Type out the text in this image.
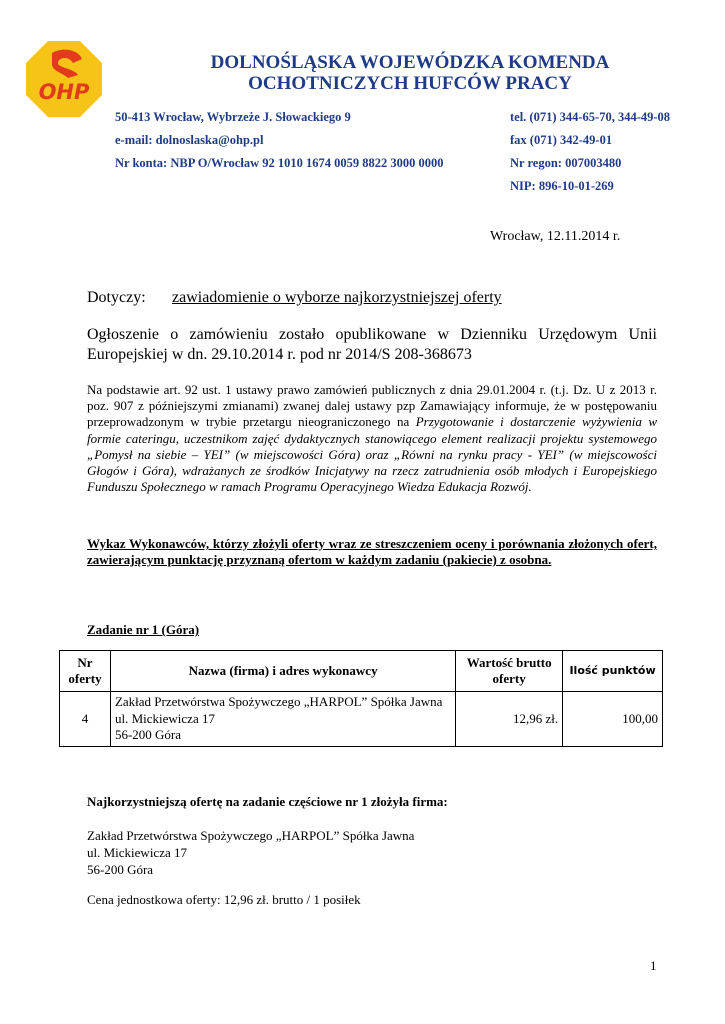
OHP
DOLNOŚLĄSKA WOJEWÓDZKA KOMENDA
OCHOTNICZYCH HUFCÓW PRACY
50-413 Wrocław, Wybrzeże J. Słowackiego 9
e-mail: dolnoslaska@ohp.pl
Nr konta: NBP O/Wrocław 92 1010 1674 0059 8822 3000 0000
tel. (071) 344-65-70, 344-49-08
fax (071) 342-49-01
Nr regon: 007003480
NIP: 896-10-01-269
Wrocław, 12.11.2014 r.
Dotyczy: zawiadomienie o wyborze najkorzystniejszej oferty
Ogłoszenie o zamówieniu zostało opublikowane w Dzienniku Urzędowym Unii Europejskiej w dn. 29.10.2014 r. pod nr 2014/S 208-368673
Na podstawie art. 92 ust. 1 ustawy prawo zamówień publicznych z dnia 29.01.2004 r. (t.j. Dz. U z 2013 r. poz. 907 z późniejszymi zmianami) zwanej dalej ustawy pzp Zamawiający informuje, że w postępowaniu przeprowadzonym w trybie przetargu nieograniczonego na Przygotowanie i dostarczenie wyżywienia w formie cateringu, uczestnikom zajęć dydaktycznych stanowiącego element realizacji projektu systemowego „Pomysł na siebie – YEI” (w miejscowości Góra) oraz „Równi na rynku pracy - YEI” (w miejscowości Głogów i Góra), wdrażanych ze środków Inicjatywy na rzecz zatrudnienia osób młodych i Europejskiego Funduszu Społecznego w ramach Programu Operacyjnego Wiedza Edukacja Rozwój.
Wykaz Wykonawców, którzy złożyli oferty wraz ze streszczeniem oceny i porównania złożonych ofert, zawierającym punktację przyznaną ofertom w każdym zadaniu (pakiecie) z osobna.
Zadanie nr 1 (Góra)
Nr oferty	Nazwa (firma) i adres wykonawcy	Wartość brutto oferty	Ilość punktów
4	Zakład Przetwórstwa Spożywczego „HARPOL” Spółka Jawna
ul. Mickiewicza 17
56-200 Góra	12,96 zł.	100,00
Najkorzystniejszą ofertę na zadanie częściowe nr 1 złożyła firma:
Zakład Przetwórstwa Spożywczego „HARPOL” Spółka Jawna
ul. Mickiewicza 17
56-200 Góra
Cena jednostkowa oferty: 12,96 zł. brutto / 1 posiłek
1
